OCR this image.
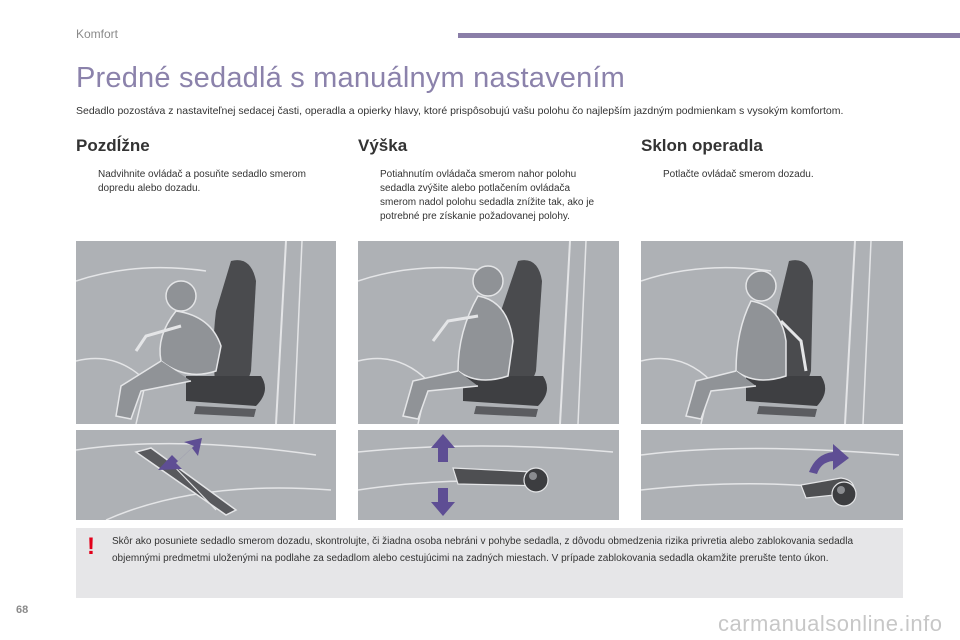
Komfort
Predné sedadlá s manuálnym nastavením

Sedadlo pozostáva z nastaviteľnej sedacej časti, operadla a opierky hlavy, ktoré prispôsobujú vašu polohu čo najlepším jazdným podmienkam s vysokým komfortom.

Pozdĺžne
Nadvihnite ovládač a posuňte sedadlo smerom dopredu alebo dozadu.
Výška
Potiahnutím ovládača smerom nahor polohu sedadla zvýšite alebo potlačením ovládača smerom nadol polohu sedadla znížite tak, ako je potrebné pre získanie požadovanej polohy.
Sklon operadla
Potlačte ovládač smerom dozadu.
!	Skôr ako posuniete sedadlo smerom dozadu, skontrolujte, či žiadna osoba nebráni v pohybe sedadla, z dôvodu obmedzenia rizika privretia alebo zablokovania sedadla objemnými predmetmi uloženými na podlahe za sedadlom alebo cestujúcimi na zadných miestach. V prípade zablokovania sedadla okamžite prerušte tento úkon.

68
carmanualsonline.info
